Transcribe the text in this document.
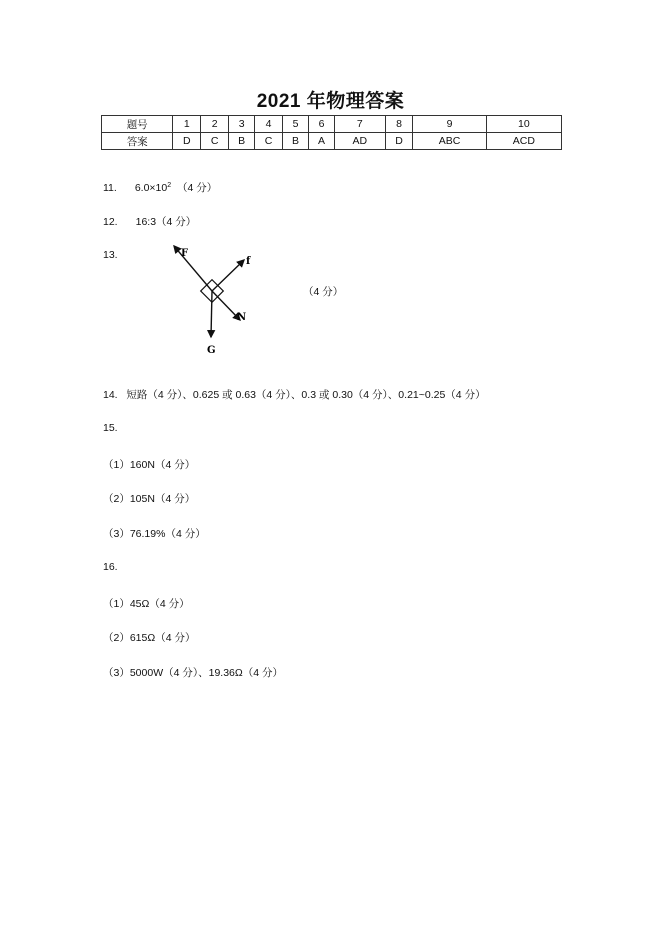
2021 年物理答案
题号	1	2	3	4	5	6	7	8	9	10
答案	D	C	B	C	B	A	AD	D	ABC	ACD
11. $6.0\times 10^2$ （4 分）
12. 16:3（4 分）
13.	F
f
N
G
（4 分）
14. 短路（4 分）、0.625 或 0.63（4 分）、0.3 或 0.30（4 分）、0.21~0.25（4 分）
15.
（1）160N（4 分）
（2）105N（4 分）
（3）76.19%（4 分）
16.
（1）45Ω（4 分）
（2）615Ω（4 分）
（3）5000W（4 分）、19.36Ω（4 分）
